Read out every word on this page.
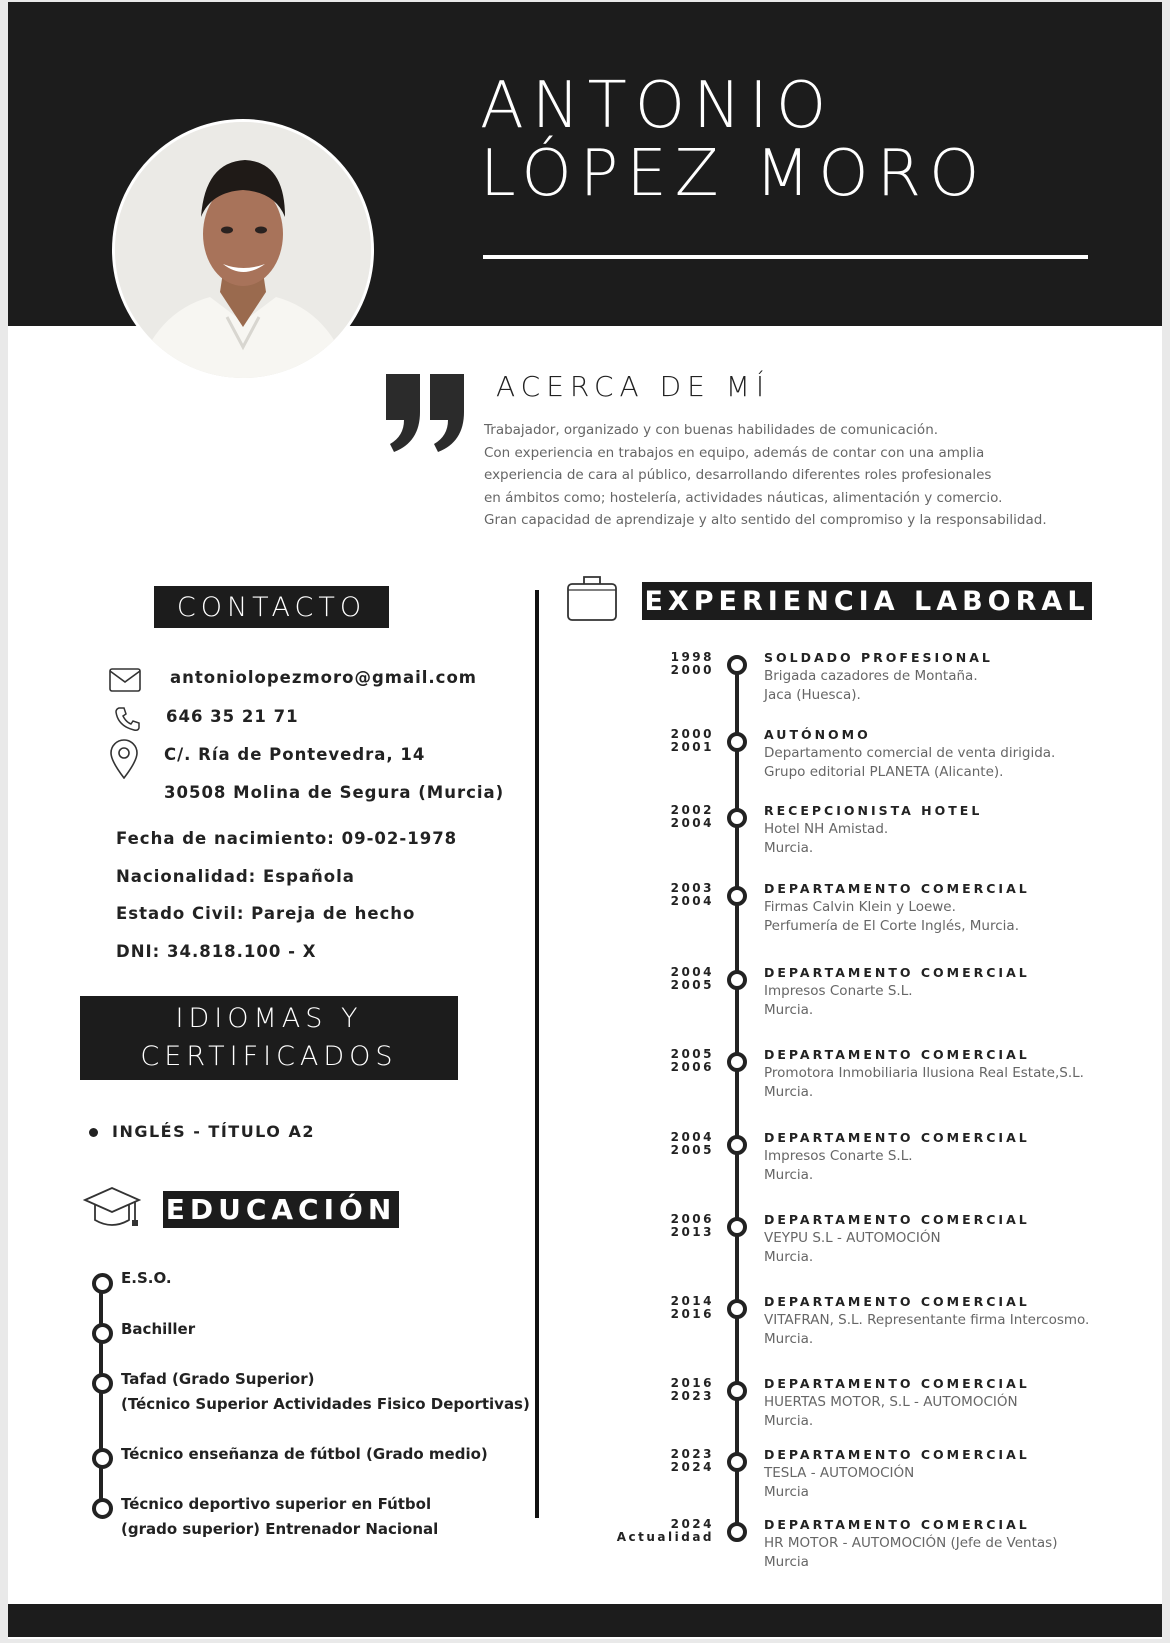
ANTONIO
LÓPEZ MORO
ACERCA DE MÍ
Trabajador, organizado y con buenas habilidades de comunicación.
Con experiencia en trabajos en equipo, además de contar con una amplia
experiencia de cara al público, desarrollando diferentes roles profesionales
en ámbitos como; hostelería, actividades náuticas, alimentación y comercio.
Gran capacidad de aprendizaje y alto sentido del compromiso y la responsabilidad.
CONTACTO
antoniolopezmoro@gmail.com
646 35 21 71
C/. Ría de Pontevedra, 14
30508 Molina de Segura (Murcia)
Fecha de nacimiento: 09-02-1978
Nacionalidad: Española
Estado Civil: Pareja de hecho
DNI: 34.818.100 - X
IDIOMAS Y
CERTIFICADOS
INGLÉS - TÍTULO A2
EDUCACIÓN
E.S.O.
Bachiller
Tafad (Grado Superior)
(Técnico Superior Actividades Fisico Deportivas)
Técnico enseñanza de fútbol (Grado medio)
Técnico deportivo superior en Fútbol
(grado superior) Entrenador Nacional
EXPERIENCIA LABORAL
1998
2000
SOLDADO PROFESIONAL
Brigada cazadores de Montaña.
Jaca (Huesca).
2000
2001
AUTÓNOMO
Departamento comercial de venta dirigida.
Grupo editorial PLANETA (Alicante).
2002
2004
RECEPCIONISTA HOTEL
Hotel NH Amistad.
Murcia.
2003
2004
DEPARTAMENTO COMERCIAL
Firmas Calvin Klein y Loewe.
Perfumería de El Corte Inglés, Murcia.
2004
2005
DEPARTAMENTO COMERCIAL
Impresos Conarte S.L.
Murcia.
2005
2006
DEPARTAMENTO COMERCIAL
Promotora Inmobiliaria Ilusiona Real Estate,S.L.
Murcia.
2004
2005
DEPARTAMENTO COMERCIAL
Impresos Conarte S.L.
Murcia.
2006
2013
DEPARTAMENTO COMERCIAL
VEYPU S.L - AUTOMOCIÓN
Murcia.
2014
2016
DEPARTAMENTO COMERCIAL
VITAFRAN, S.L. Representante firma Intercosmo.
Murcia.
2016
2023
DEPARTAMENTO COMERCIAL
HUERTAS MOTOR, S.L - AUTOMOCIÓN
Murcia.
2023
2024
DEPARTAMENTO COMERCIAL
TESLA - AUTOMOCIÓN
Murcia
2024
Actualidad
DEPARTAMENTO COMERCIAL
HR MOTOR - AUTOMOCIÓN (Jefe de Ventas)
Murcia
